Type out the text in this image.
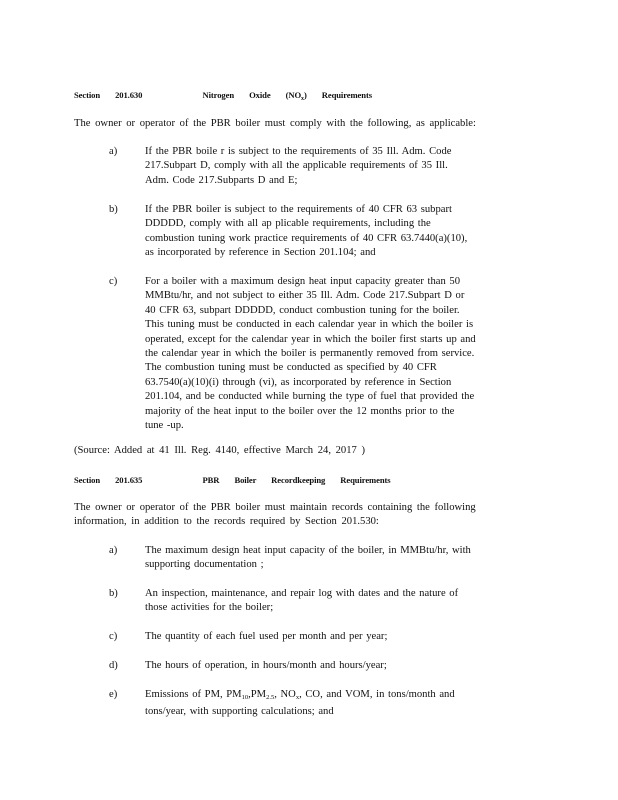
Section 201.630	Nitrogen Oxide $(NO_x)$ Requirements
The owner or operator of the PBR boiler must comply with the following, as applicable:
a)	If the PBR boile r is subject to the requirements of 35 Ill. Adm. Code
217.Subpart D, comply with all the applicable requirements of 35 Ill.
Adm. Code 217.Subparts D and E;
b)	If the PBR boiler is subject to the requirements of 40 CFR 63 subpart
DDDDD, comply with all ap plicable requirements, including the
combustion tuning work practice requirements of 40 CFR 63.7440(a)(10),
as incorporated by reference in Section 201.104; and
c)	For a boiler with a maximum design heat input capacity greater than 50
MMBtu/hr, and not subject to either 35 Ill. Adm. Code 217.Subpart D or
40 CFR 63, subpart DDDDD, conduct combustion tuning for the boiler.
This tuning must be conducted in each calendar year in which the boiler is
operated, except for the calendar year in which the boiler first starts up and
the calendar year in which the boiler is permanently removed from service.
The combustion tuning must be conducted as specified by 40 CFR
63.7540(a)(10)(i) through (vi), as incorporated by reference in Section
201.104, and be conducted while burning the type of fuel that provided the
majority of the heat input to the boiler over the 12 months prior to the
tune -up.
(Source: Added at 41 Ill. Reg. 4140, effective March 24, 2017 )
Section 201.635	PBR Boiler Recordkeeping Requirements
The owner or operator of the PBR boiler must maintain records containing the following
information, in addition to the records required by Section 201.530:
a)	The maximum design heat input capacity of the boiler, in MMBtu/hr, with
supporting documentation ;
b)	An inspection, maintenance, and repair log with dates and the nature of
those activities for the boiler;
c)	The quantity of each fuel used per month and per year;
d)	The hours of operation, in hours/month and hours/year;
e)	Emissions of PM, $PM_{10},PM_{2.5}$, $NO_x$, CO, and VOM, in tons/month and
tons/year, with supporting calculations; and
